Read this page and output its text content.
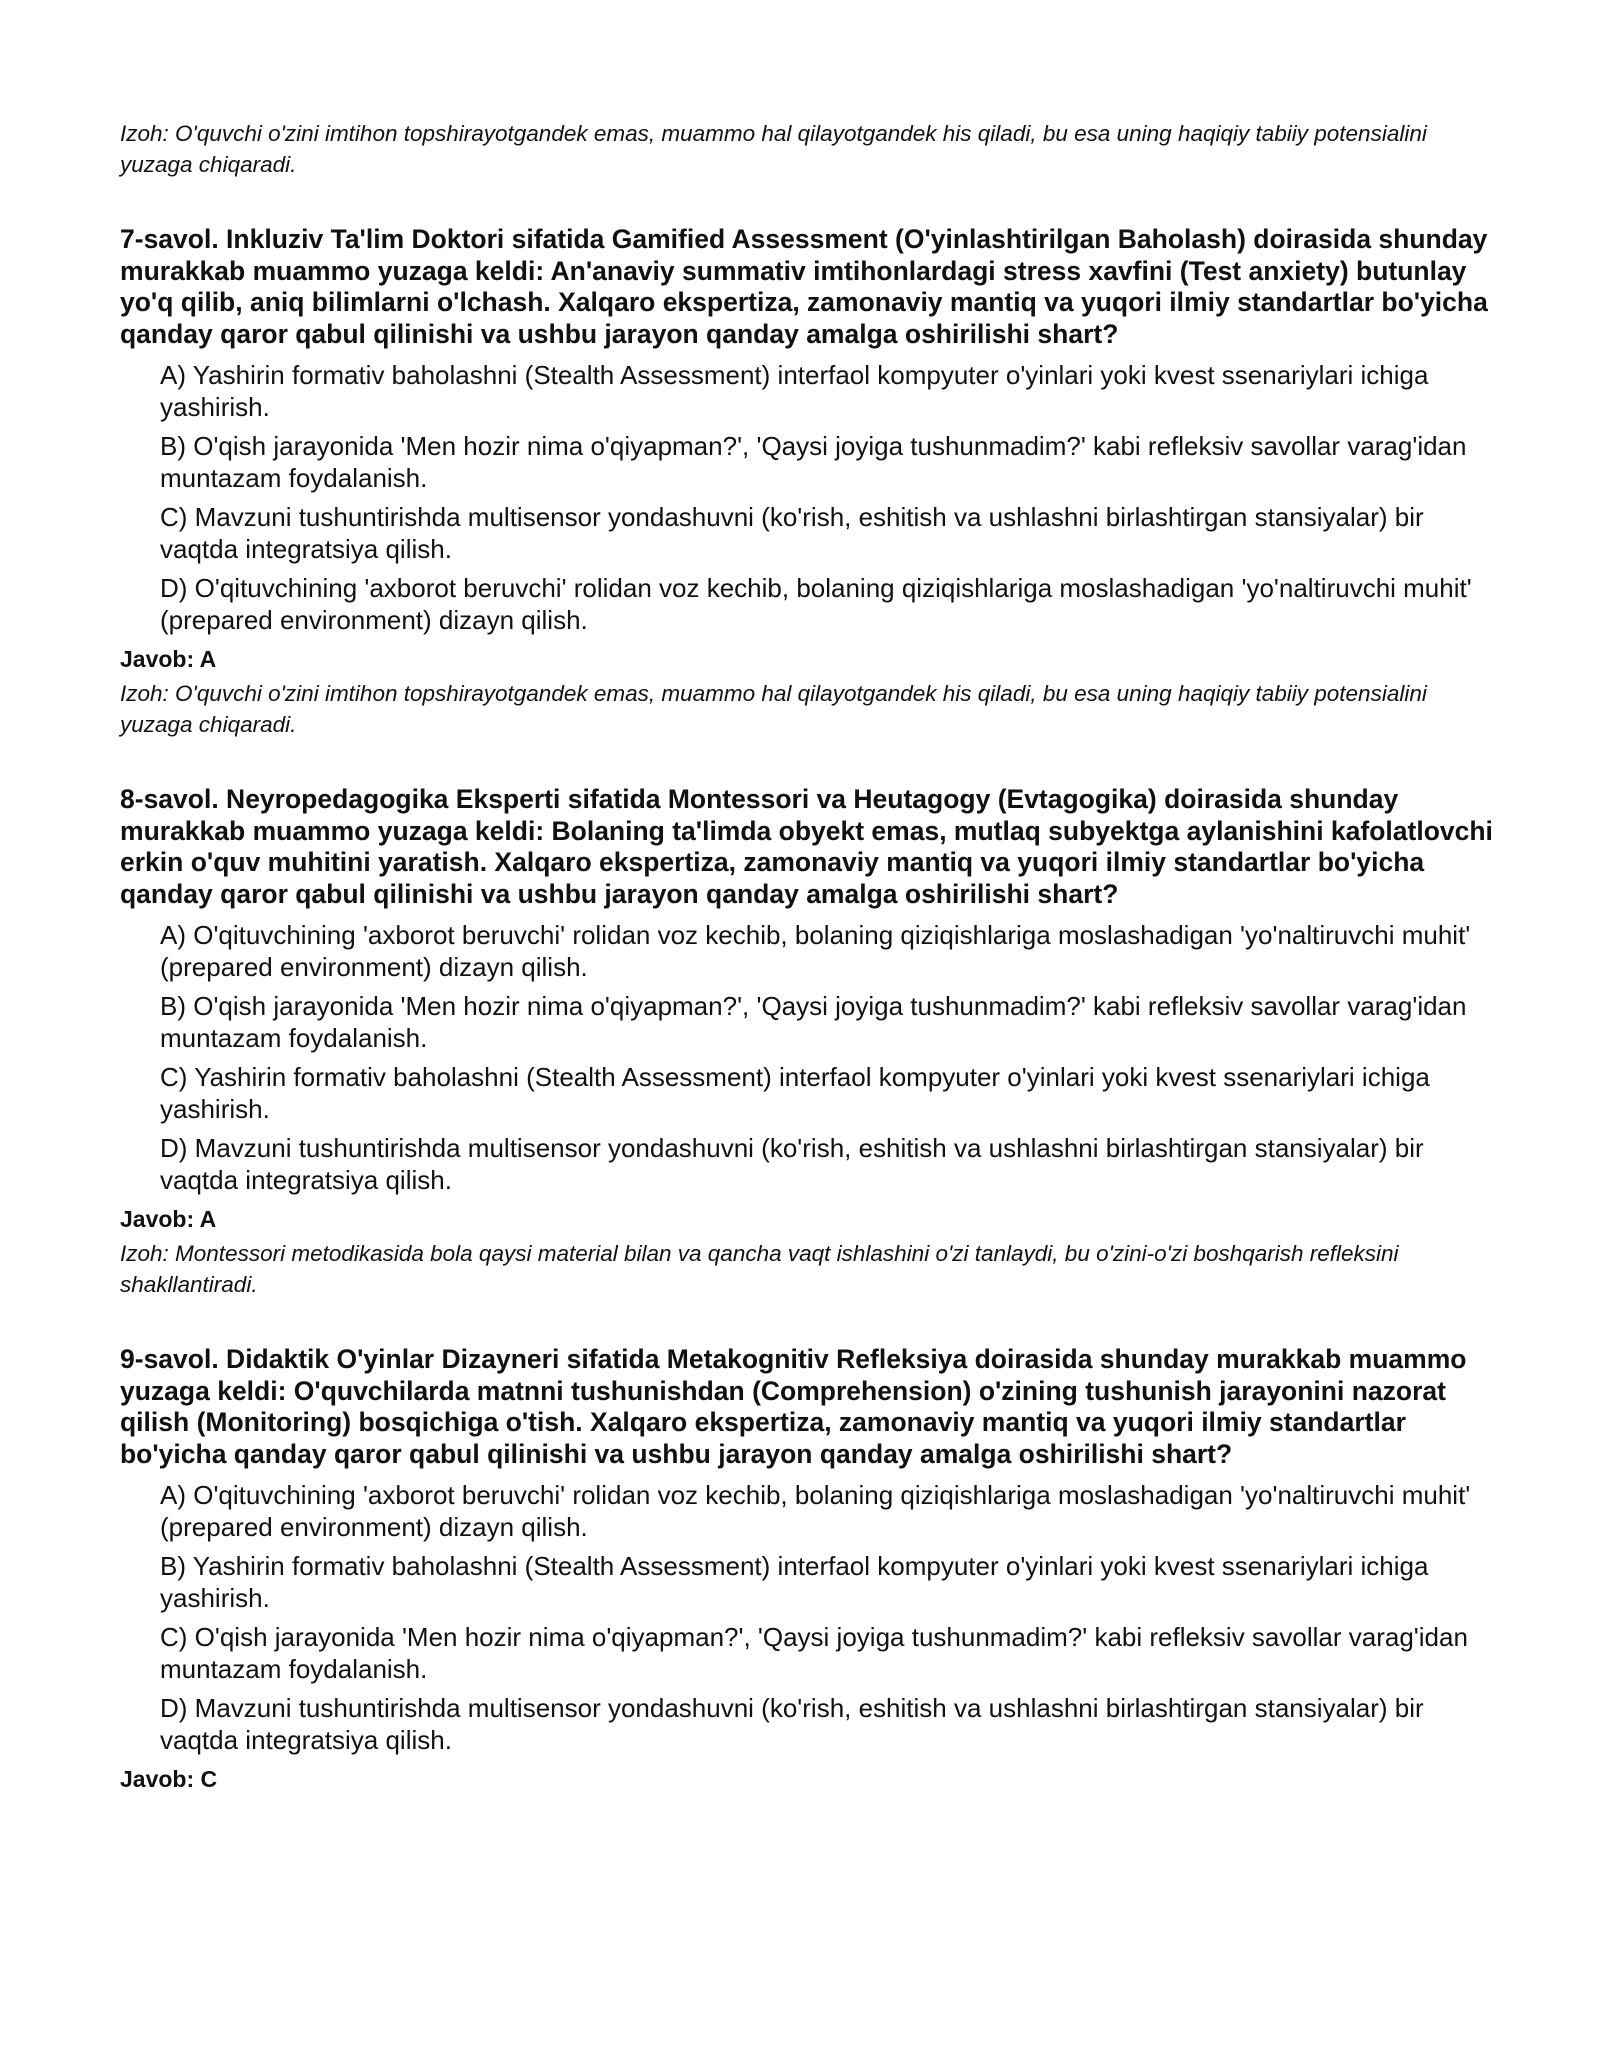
Izoh: O'quvchi o'zini imtihon topshirayotgandek emas, muammo hal qilayotgandek his qiladi, bu esa uning haqiqiy tabiiy potensialini yuzaga chiqaradi.

7-savol. Inkluziv Ta'lim Doktori sifatida Gamified Assessment (O'yinlashtirilgan Baholash) doirasida shunday murakkab muammo yuzaga keldi: An'anaviy summativ imtihonlardagi stress xavfini (Test anxiety) butunlay yo'q qilib, aniq bilimlarni o'lchash. Xalqaro ekspertiza, zamonaviy mantiq va yuqori ilmiy standartlar bo'yicha qanday qaror qabul qilinishi va ushbu jarayon qanday amalga oshirilishi shart?

A) Yashirin formativ baholashni (Stealth Assessment) interfaol kompyuter o'yinlari yoki kvest ssenariylari ichiga yashirish.
B) O'qish jarayonida 'Men hozir nima o'qiyapman?', 'Qaysi joyiga tushunmadim?' kabi refleksiv savollar varag'idan muntazam foydalanish.
C) Mavzuni tushuntirishda multisensor yondashuvni (ko'rish, eshitish va ushlashni birlashtirgan stansiyalar) bir vaqtda integratsiya qilish.
D) O'qituvchining 'axborot beruvchi' rolidan voz kechib, bolaning qiziqishlariga moslashadigan 'yo'naltiruvchi muhit' (prepared environment) dizayn qilish.

Javob: A

Izoh: O'quvchi o'zini imtihon topshirayotgandek emas, muammo hal qilayotgandek his qiladi, bu esa uning haqiqiy tabiiy potensialini yuzaga chiqaradi.

8-savol. Neyropedagogika Eksperti sifatida Montessori va Heutagogy (Evtagogika) doirasida shunday murakkab muammo yuzaga keldi: Bolaning ta'limda obyekt emas, mutlaq subyektga aylanishini kafolatlovchi erkin o'quv muhitini yaratish. Xalqaro ekspertiza, zamonaviy mantiq va yuqori ilmiy standartlar bo'yicha qanday qaror qabul qilinishi va ushbu jarayon qanday amalga oshirilishi shart?

A) O'qituvchining 'axborot beruvchi' rolidan voz kechib, bolaning qiziqishlariga moslashadigan 'yo'naltiruvchi muhit' (prepared environment) dizayn qilish.
B) O'qish jarayonida 'Men hozir nima o'qiyapman?', 'Qaysi joyiga tushunmadim?' kabi refleksiv savollar varag'idan muntazam foydalanish.
C) Yashirin formativ baholashni (Stealth Assessment) interfaol kompyuter o'yinlari yoki kvest ssenariylari ichiga yashirish.
D) Mavzuni tushuntirishda multisensor yondashuvni (ko'rish, eshitish va ushlashni birlashtirgan stansiyalar) bir vaqtda integratsiya qilish.

Javob: A

Izoh: Montessori metodikasida bola qaysi material bilan va qancha vaqt ishlashini o'zi tanlaydi, bu o'zini-o'zi boshqarish refleksini shakllantiradi.

9-savol. Didaktik O'yinlar Dizayneri sifatida Metakognitiv Refleksiya doirasida shunday murakkab muammo yuzaga keldi: O'quvchilarda matnni tushunishdan (Comprehension) o'zining tushunish jarayonini nazorat qilish (Monitoring) bosqichiga o'tish. Xalqaro ekspertiza, zamonaviy mantiq va yuqori ilmiy standartlar bo'yicha qanday qaror qabul qilinishi va ushbu jarayon qanday amalga oshirilishi shart?

A) O'qituvchining 'axborot beruvchi' rolidan voz kechib, bolaning qiziqishlariga moslashadigan 'yo'naltiruvchi muhit' (prepared environment) dizayn qilish.
B) Yashirin formativ baholashni (Stealth Assessment) interfaol kompyuter o'yinlari yoki kvest ssenariylari ichiga yashirish.
C) O'qish jarayonida 'Men hozir nima o'qiyapman?', 'Qaysi joyiga tushunmadim?' kabi refleksiv savollar varag'idan muntazam foydalanish.
D) Mavzuni tushuntirishda multisensor yondashuvni (ko'rish, eshitish va ushlashni birlashtirgan stansiyalar) bir vaqtda integratsiya qilish.

Javob: C
